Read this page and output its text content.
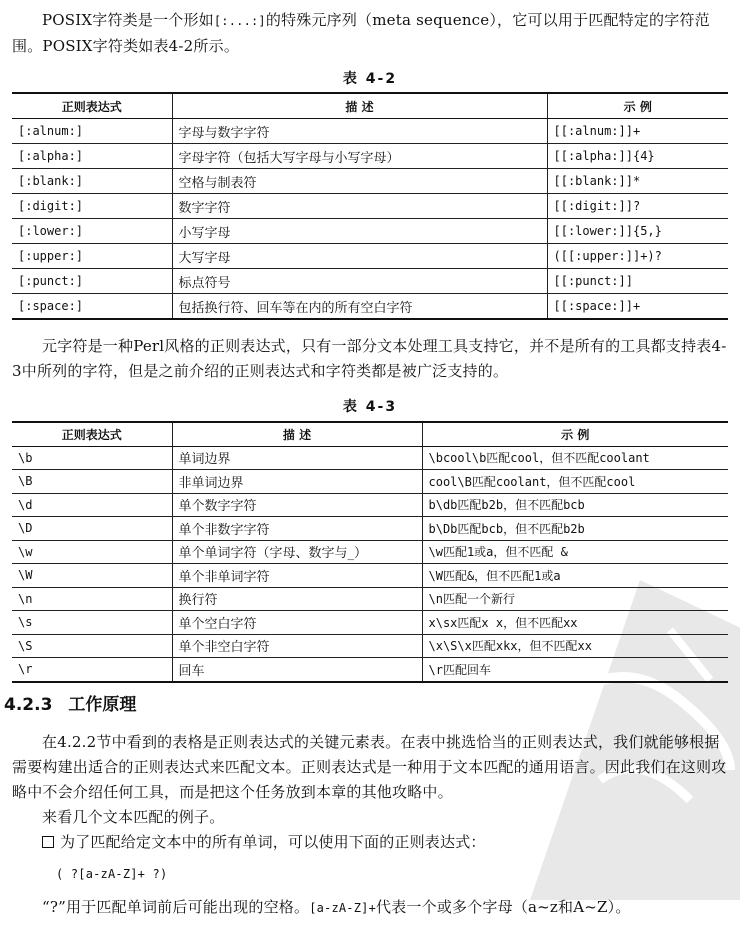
POSIX字符类是一个形如[:...:]的特殊元序列（meta sequence），它可以用于匹配特定的字符范围。POSIX字符类如表4-2所示。
表 4-2
正则表达式	描 述	示 例
[:alnum:]	字母与数字字符	[[:alnum:]]+
[:alpha:]	字母字符（包括大写字母与小写字母）	[[:alpha:]]{4}
[:blank:]	空格与制表符	[[:blank:]]*
[:digit:]	数字字符	[[:digit:]]?
[:lower:]	小写字母	[[:lower:]]{5,}
[:upper:]	大写字母	([[:upper:]]+)?
[:punct:]	标点符号	[[:punct:]]
[:space:]	包括换行符、回车等在内的所有空白字符	[[:space:]]+
元字符是一种Perl风格的正则表达式，只有一部分文本处理工具支持它，并不是所有的工具都支持表4-3中所列的字符，但是之前介绍的正则表达式和字符类都是被广泛支持的。
表 4-3
正则表达式	描 述	示 例
\b	单词边界	\bcool\b匹配cool，但不匹配coolant
\B	非单词边界	cool\B匹配coolant，但不匹配cool
\d	单个数字字符	b\db匹配b2b，但不匹配bcb
\D	单个非数字字符	b\Db匹配bcb，但不匹配b2b
\w	单个单词字符（字母、数字与_）	\w匹配1或a，但不匹配 &
\W	单个非单词字符	\W匹配&，但不匹配1或a
\n	换行符	\n匹配一个新行
\s	单个空白字符	x\sx匹配x x，但不匹配xx
\S	单个非空白字符	\x\S\x匹配xkx，但不匹配xx
\r	回车	\r匹配回车
4.2.3 工作原理
在4.2.2节中看到的表格是正则表达式的关键元素表。在表中挑选恰当的正则表达式，我们就能够根据需要构建出适合的正则表达式来匹配文本。正则表达式是一种用于文本匹配的通用语言。因此我们在这则攻略中不会介绍任何工具，而是把这个任务放到本章的其他攻略中。
来看几个文本匹配的例子。
为了匹配给定文本中的所有单词，可以使用下面的正则表达式：
( ?[a-zA-Z]+ ?)
“?”用于匹配单词前后可能出现的空格。[a-zA-Z]+代表一个或多个字母（a~z和A~Z）。
